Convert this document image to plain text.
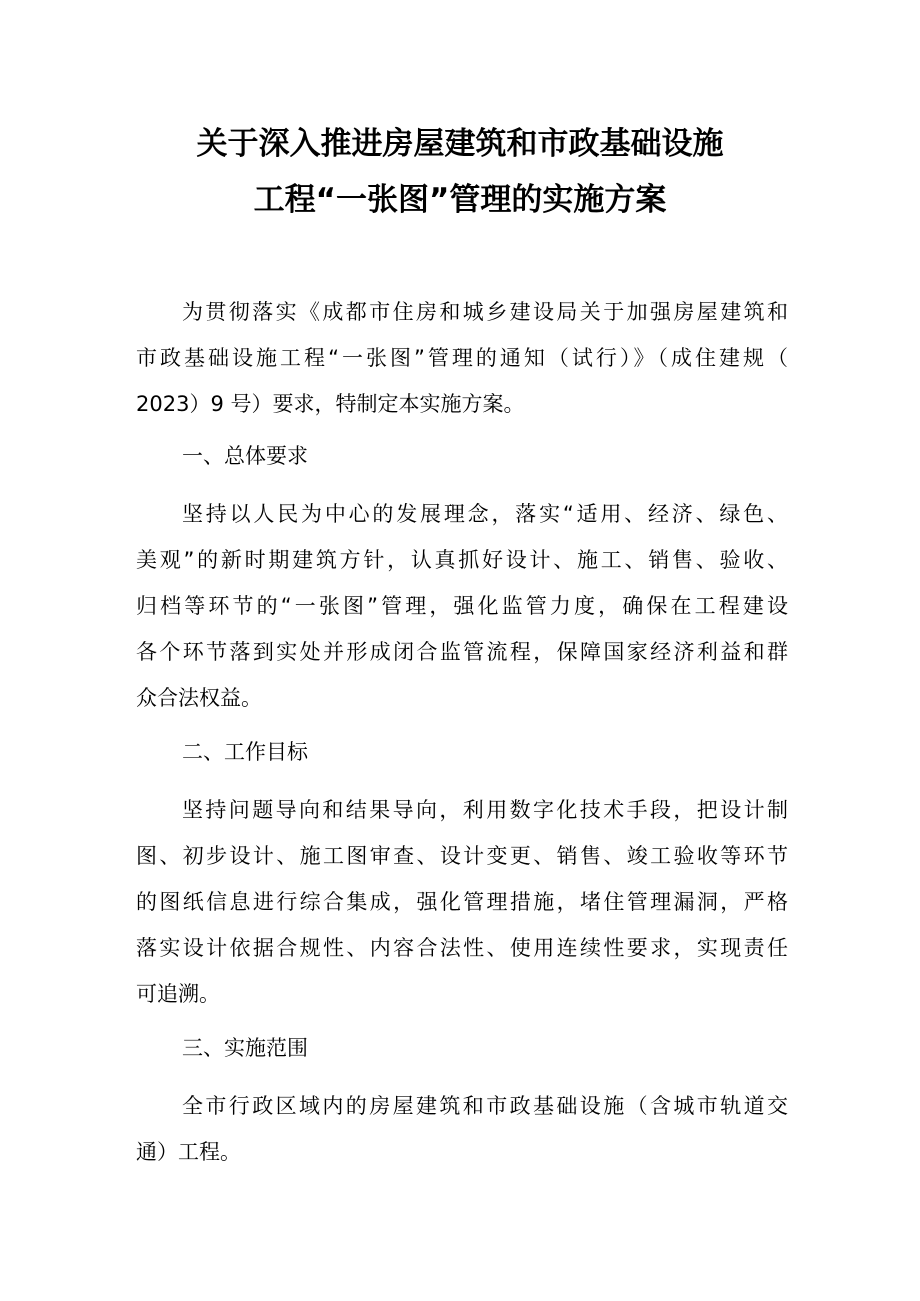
关于深入推进房屋建筑和市政基础设施
工程“一张图”管理的实施方案
为贯彻落实《成都市住房和城乡建设局关于加强房屋建筑和
市政基础设施工程“一张图”管理的通知（试行）》（成住建规（
2023）9 号）要求，特制定本实施方案。
一、总体要求
坚持以人民为中心的发展理念，落实“适用、经济、绿色、
美观”的新时期建筑方针，认真抓好设计、施工、销售、验收、
归档等环节的“一张图”管理，强化监管力度，确保在工程建设
各个环节落到实处并形成闭合监管流程，保障国家经济利益和群
众合法权益。
二、工作目标
坚持问题导向和结果导向，利用数字化技术手段，把设计制
图、初步设计、施工图审查、设计变更、销售、竣工验收等环节
的图纸信息进行综合集成，强化管理措施，堵住管理漏洞，严格
落实设计依据合规性、内容合法性、使用连续性要求，实现责任
可追溯。
三、实施范围
全市行政区域内的房屋建筑和市政基础设施（含城市轨道交
通）工程。
